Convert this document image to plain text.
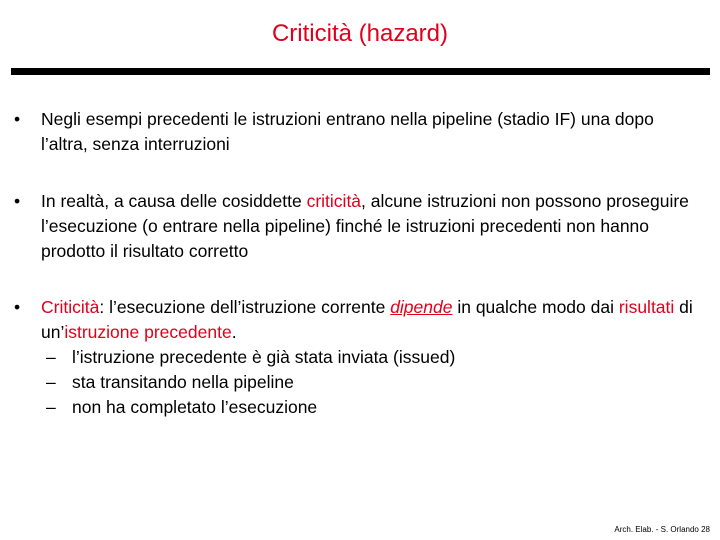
Criticità (hazard)
•	Negli esempi precedenti le istruzioni entrano nella pipeline (stadio IF) una dopo l’altra, senza interruzioni
•	In realtà, a causa delle cosiddette criticità, alcune istruzioni non possono proseguire l’esecuzione (o entrare nella pipeline) finché le istruzioni precedenti non hanno prodotto il risultato corretto
•	Criticità: l’esecuzione dell’istruzione corrente dipende in qualche modo dai risultati di un’istruzione precedente.
– l’istruzione precedente è già stata inviata (issued)
– sta transitando nella pipeline
– non ha completato l’esecuzione
Arch. Elab. - S. Orlando 28
